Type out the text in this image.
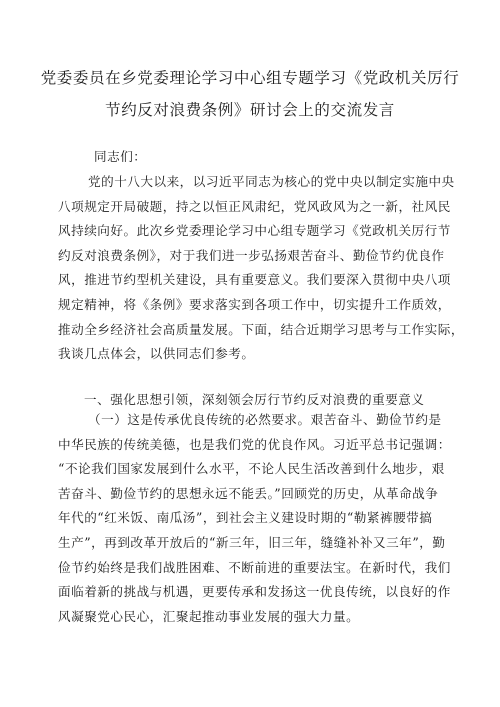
党委委员在乡党委理论学习中心组专题学习《党政机关厉行
节约反对浪费条例》研讨会上的交流发言
同志们：
党的十八大以来，以习近平同志为核心的党中央以制定实施中央
八项规定开局破题，持之以恒正风肃纪，党风政风为之一新，社风民
风持续向好。此次乡党委理论学习中心组专题学习《党政机关厉行节
约反对浪费条例》，对于我们进一步弘扬艰苦奋斗、勤俭节约优良作
风，推进节约型机关建设，具有重要意义。我们要深入贯彻中央八项
规定精神，将《条例》要求落实到各项工作中，切实提升工作质效，
推动全乡经济社会高质量发展。下面，结合近期学习思考与工作实际，
我谈几点体会，以供同志们参考。
一、强化思想引领，深刻领会厉行节约反对浪费的重要意义
（一）这是传承优良传统的必然要求。艰苦奋斗、勤俭节约是
中华民族的传统美德，也是我们党的优良作风。习近平总书记强调：
“不论我们国家发展到什么水平，不论人民生活改善到什么地步，艰
苦奋斗、勤俭节约的思想永远不能丢。”回顾党的历史，从革命战争
年代的“红米饭、南瓜汤”，到社会主义建设时期的“勒紧裤腰带搞
生产”，再到改革开放后的“新三年，旧三年，缝缝补补又三年”，勤
俭节约始终是我们战胜困难、不断前进的重要法宝。在新时代，我们
面临着新的挑战与机遇，更要传承和发扬这一优良传统，以良好的作
风凝聚党心民心，汇聚起推动事业发展的强大力量。
